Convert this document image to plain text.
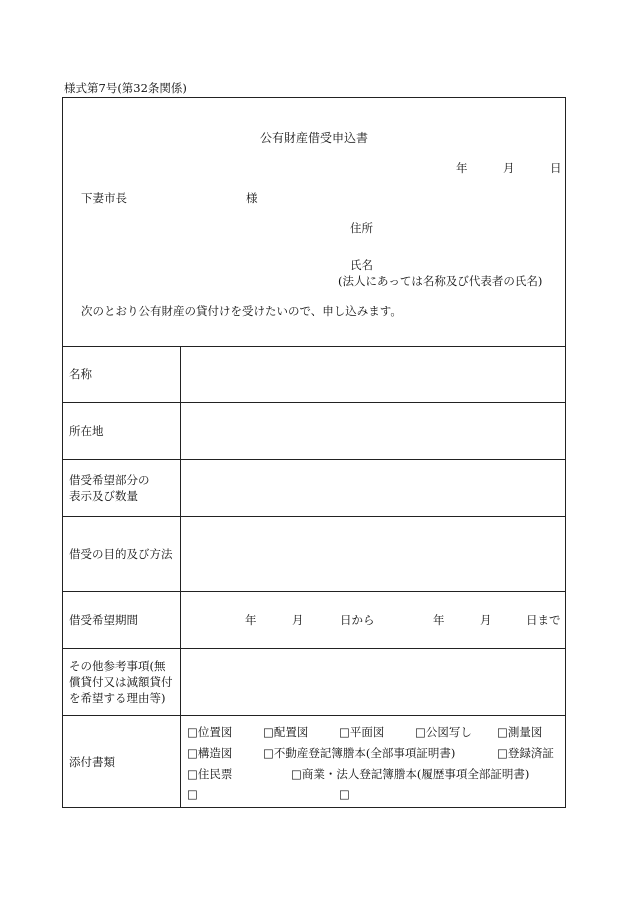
様式第7号(第32条関係)
公有財産借受申込書
年	月	日
下妻市長	様
住所
氏名
(法人にあっては名称及び代表者の氏名)
次のとおり公有財産の貸付けを受けたいので、申し込みます。
名称
所在地
借受希望部分の
表示及び数量
借受の目的及び方法
借受希望期間	年	月	日から	年	月	日まで
その他参考事項(無
償貸付又は減額貸付
を希望する理由等)
添付書類
□位置図	□配置図	□平面図	□公図写し □測量図
□構造図	□不動産登記簿謄本(全部事項証明書)	□登録済証
□住民票	□商業・法人登記簿謄本(履歴事項全部証明書)
□	□
